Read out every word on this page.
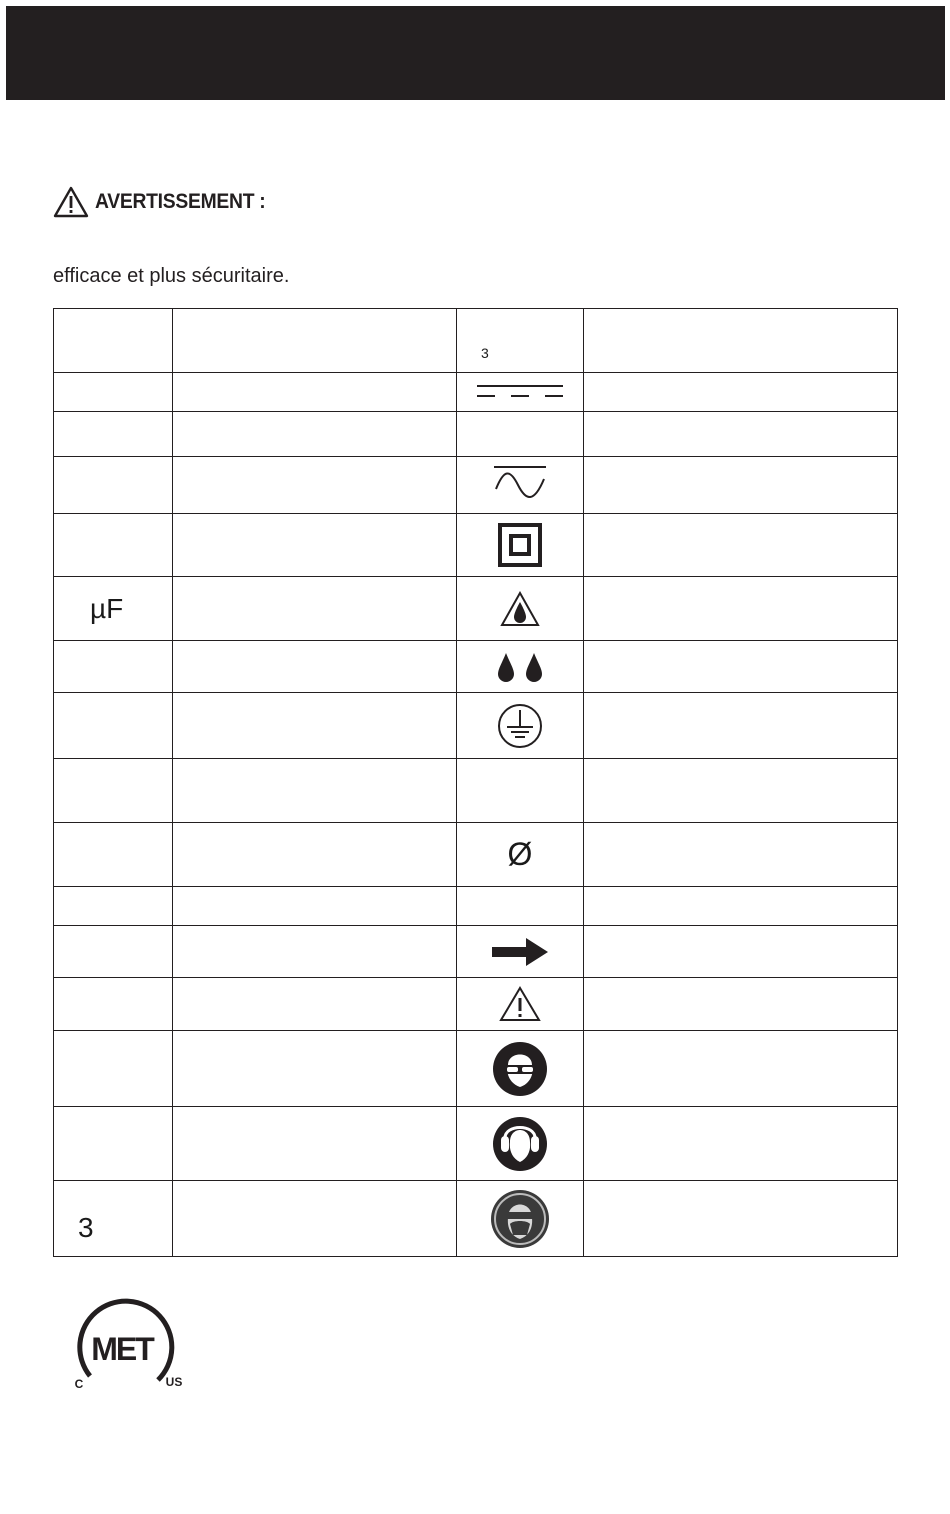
AVERTISSEMENT :
efficace et plus sécuritaire.

		3	

µF		

		Ø	

3

MET
C	US
